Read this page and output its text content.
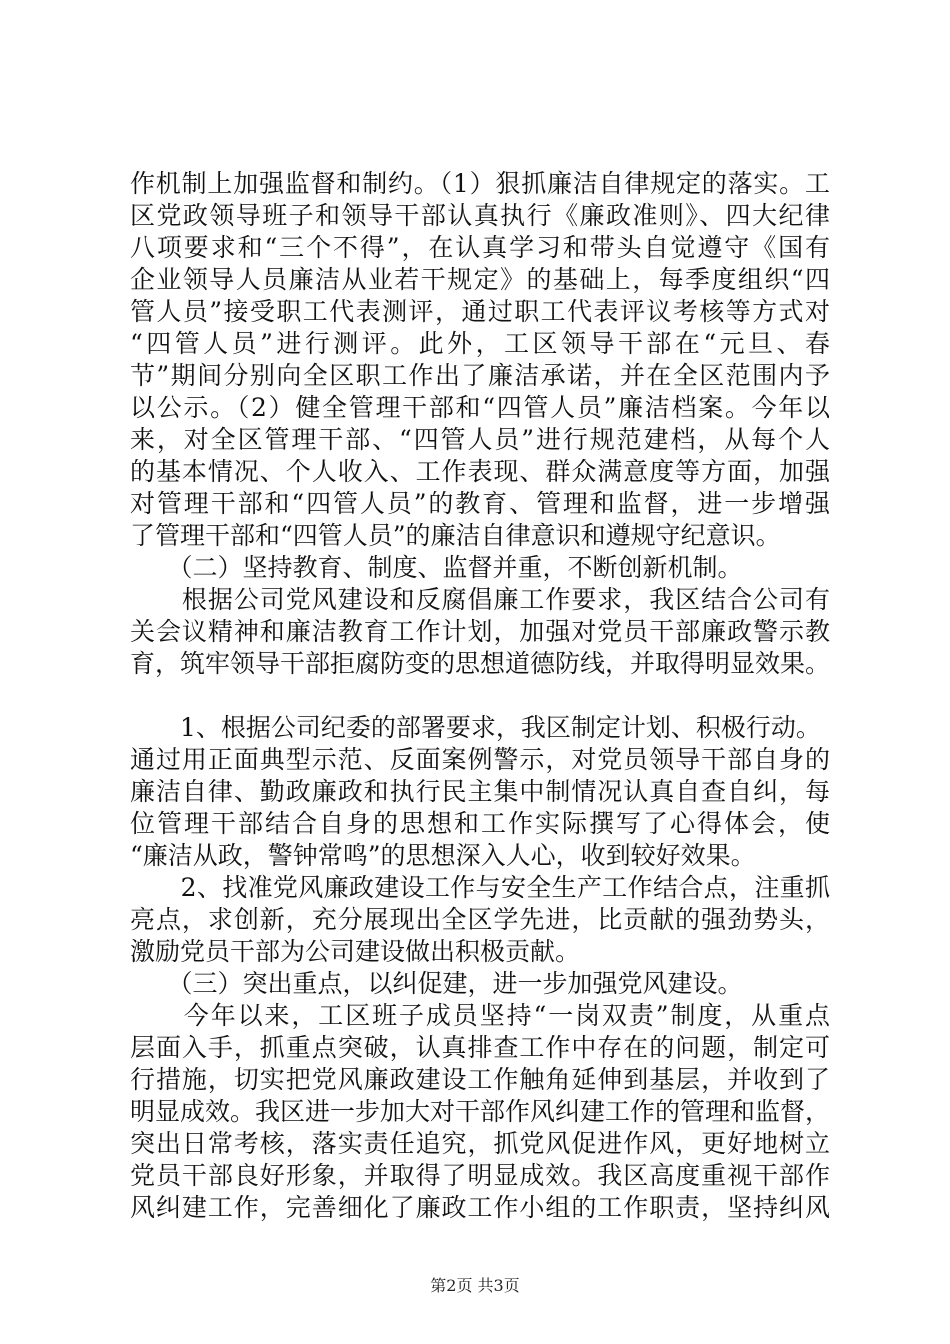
作机制上加强监督和制约。（1）狠抓廉洁自律规定的落实。工
区党政领导班子和领导干部认真执行《廉政准则》、四大纪律
八项要求和“三个不得”，在认真学习和带头自觉遵守《国有
企业领导人员廉洁从业若干规定》的基础上，每季度组织“四
管人员”接受职工代表测评，通过职工代表评议考核等方式对
“四管人员”进行测评。此外，工区领导干部在“元旦、春
节”期间分别向全区职工作出了廉洁承诺，并在全区范围内予
以公示。（2）健全管理干部和“四管人员”廉洁档案。今年以
来，对全区管理干部、“四管人员”进行规范建档，从每个人
的基本情况、个人收入、工作表现、群众满意度等方面，加强
对管理干部和“四管人员”的教育、管理和监督，进一步增强
了管理干部和“四管人员”的廉洁自律意识和遵规守纪意识。
　　（二）坚持教育、制度、监督并重，不断创新机制。
　　根据公司党风建设和反腐倡廉工作要求，我区结合公司有
关会议精神和廉洁教育工作计划，加强对党员干部廉政警示教
育，筑牢领导干部拒腐防变的思想道德防线，并取得明显效果。
　　1、根据公司纪委的部署要求，我区制定计划、积极行动。
通过用正面典型示范、反面案例警示，对党员领导干部自身的
廉洁自律、勤政廉政和执行民主集中制情况认真自查自纠，每
位管理干部结合自身的思想和工作实际撰写了心得体会，使
“廉洁从政，警钟常鸣”的思想深入人心，收到较好效果。
　　2、找准党风廉政建设工作与安全生产工作结合点，注重抓
亮点，求创新，充分展现出全区学先进，比贡献的强劲势头，
激励党员干部为公司建设做出积极贡献。
　　（三）突出重点，以纠促建，进一步加强党风建设。
　　今年以来，工区班子成员坚持“一岗双责”制度，从重点
层面入手，抓重点突破，认真排查工作中存在的问题，制定可
行措施，切实把党风廉政建设工作触角延伸到基层，并收到了
明显成效。我区进一步加大对干部作风纠建工作的管理和监督，
突出日常考核，落实责任追究，抓党风促进作风，更好地树立
党员干部良好形象，并取得了明显成效。我区高度重视干部作
风纠建工作，完善细化了廉政工作小组的工作职责，坚持纠风
第2页 共3页
